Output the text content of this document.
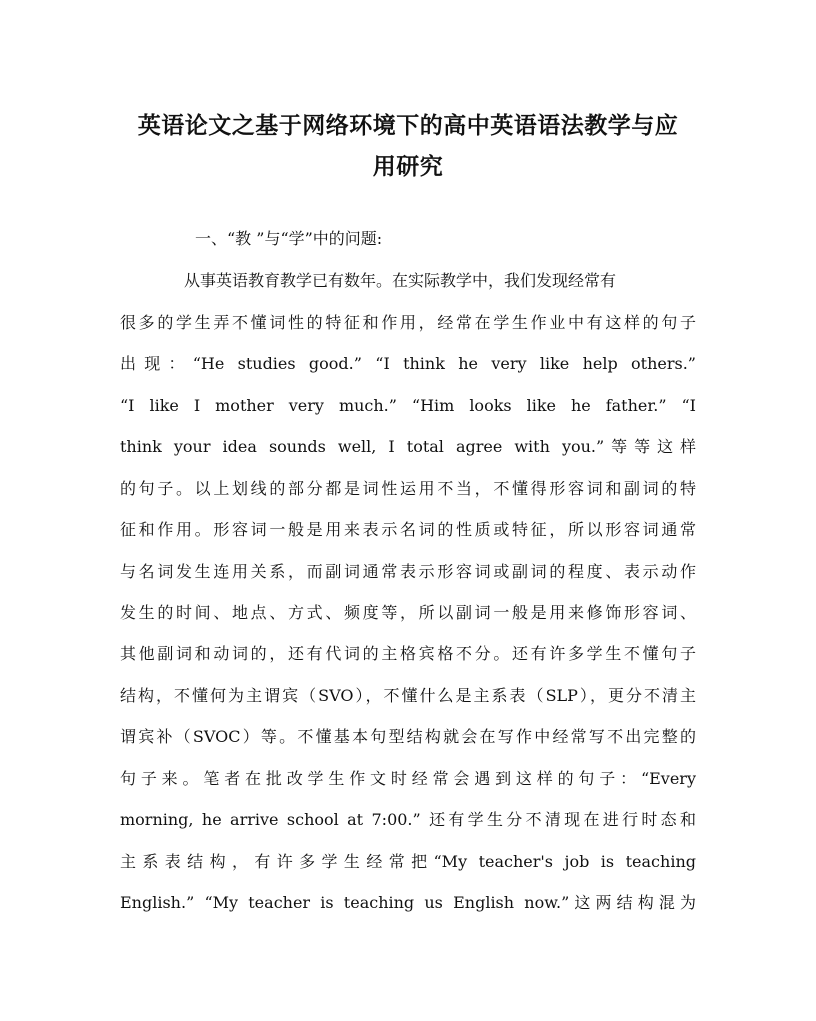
英语论文之基于网络环境下的高中英语语法教学与应
用研究
一、“教 ”与“学”中的问题:
从事英语教育教学已有数年。在实际教学中，我们发现经常有
很多的学生弄不懂词性的特征和作用，经常在学生作业中有这样的句子
出现：“He studies good.” “I think he very like help others.”
“I like I mother very much.” “Him looks like he father.” “I
think your idea sounds well, I total agree with you.”等等这样
的句子。以上划线的部分都是词性运用不当，不懂得形容词和副词的特
征和作用。形容词一般是用来表示名词的性质或特征，所以形容词通常
与名词发生连用关系，而副词通常表示形容词或副词的程度、表示动作
发生的时间、地点、方式、频度等，所以副词一般是用来修饰形容词、
其他副词和动词的，还有代词的主格宾格不分。还有许多学生不懂句子
结构，不懂何为主谓宾（SVO），不懂什么是主系表（SLP），更分不清主
谓宾补（SVOC）等。不懂基本句型结构就会在写作中经常写不出完整的
句子来。笔者在批改学生作文时经常会遇到这样的句子：“Every
morning, he arrive school at 7:00.” 还有学生分不清现在进行时态和
主系表结构，有许多学生经常把“My teacher's job is teaching
English.” “My teacher is teaching us English now.”这两结构混为
